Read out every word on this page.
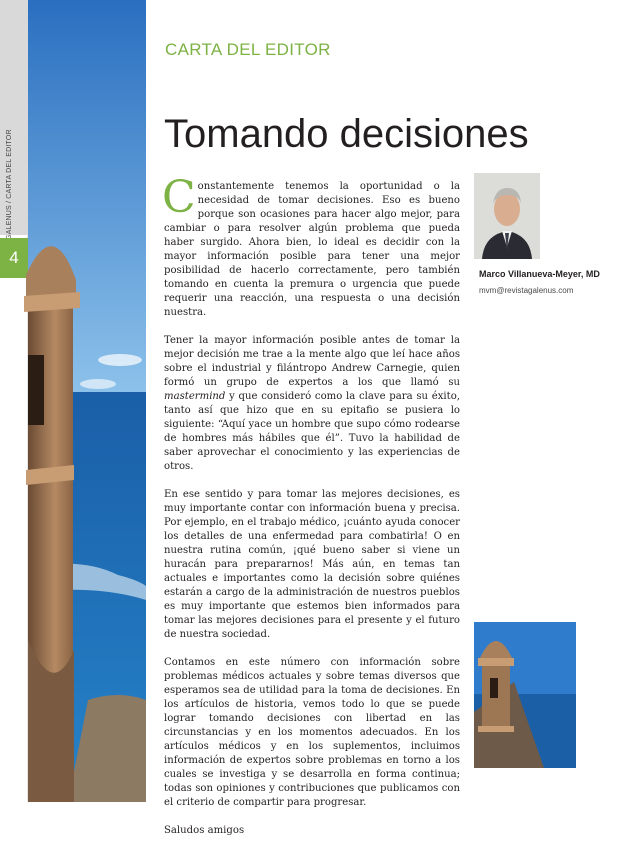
4
CARTA DEL EDITOR
Tomando decisiones
Marco Villanueva-Meyer, MD
mvm@revistagalenus.com

Constantemente tenemos la oportunidad o la necesidad de tomar decisiones. Eso es bueno porque son ocasiones para hacer algo mejor, para cambiar o para resolver algún problema que pueda haber surgido. Ahora bien, lo ideal es decidir con la mayor información posible para tener una mejor posibilidad de hacerlo correctamente, pero también tomando en cuenta la premura o urgencia que puede requerir una reacción, una respuesta o una decisión nuestra.

Tener la mayor información posible antes de tomar la mejor decisión me trae a la mente algo que leí hace años sobre el industrial y filántropo Andrew Carnegie, quien formó un grupo de expertos a los que llamó su mastermind y que consideró como la clave para su éxito, tanto así que hizo que en su epitafio se pusiera lo siguiente: “Aquí yace un hombre que supo cómo rodearse de hombres más hábiles que él”. Tuvo la habilidad de saber aprovechar el conocimiento y las experiencias de otros.

En ese sentido y para tomar las mejores decisiones, es muy importante contar con información buena y precisa. Por ejemplo, en el trabajo médico, ¡cuánto ayuda conocer los detalles de una enfermedad para combatirla! O en nuestra rutina común, ¡qué bueno saber si viene un huracán para prepararnos! Más aún, en temas tan actuales e importantes como la decisión sobre quiénes estarán a cargo de la administración de nuestros pueblos es muy importante que estemos bien informados para tomar las mejores decisiones para el presente y el futuro de nuestra sociedad.

Contamos en este número con información sobre problemas médicos actuales y sobre temas diversos que esperamos sea de utilidad para la toma de decisiones. En los artículos de historia, vemos todo lo que se puede lograr tomando decisiones con libertad en las circunstancias y en los momentos adecuados. En los artículos médicos y en los suplementos, incluimos información de expertos sobre problemas en torno a los cuales se investiga y se desarrolla en forma continua; todas son opiniones y contribuciones que publicamos con el criterio de compartir para progresar.

Saludos amigos
